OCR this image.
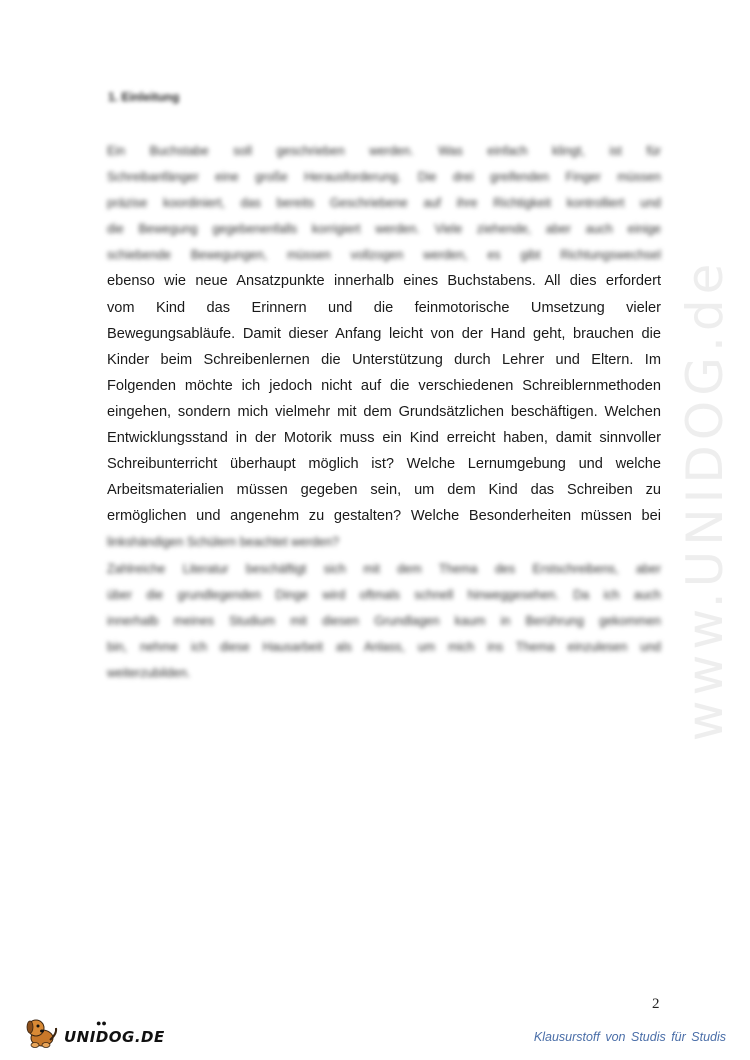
www.UNIDOG.de
1. Einleitung
Ein Buchstabe soll geschrieben werden. Was einfach klingt, ist für
Schreibanfänger eine große Herausforderung. Die drei greifenden Finger müssen
präzise koordiniert, das bereits Geschriebene auf ihre Richtigkeit kontrolliert und
die Bewegung gegebenenfalls korrigiert werden. Viele ziehende, aber auch einige
schiebende Bewegungen, müssen vollzogen werden, es gibt Richtungswechsel
ebenso wie neue Ansatzpunkte innerhalb eines Buchstabens. All dies erfordert
vom Kind das Erinnern und die feinmotorische Umsetzung vieler
Bewegungsabläufe. Damit dieser Anfang leicht von der Hand geht, brauchen die
Kinder beim Schreibenlernen die Unterstützung durch Lehrer und Eltern. Im
Folgenden möchte ich jedoch nicht auf die verschiedenen Schreiblernmethoden
eingehen, sondern mich vielmehr mit dem Grundsätzlichen beschäftigen. Welchen
Entwicklungsstand in der Motorik muss ein Kind erreicht haben, damit sinnvoller
Schreibunterricht überhaupt möglich ist? Welche Lernumgebung und welche
Arbeitsmaterialien müssen gegeben sein, um dem Kind das Schreiben zu
ermöglichen und angenehm zu gestalten? Welche Besonderheiten müssen bei
linkshändigen Schülern beachtet werden?
Zahlreiche Literatur beschäftigt sich mit dem Thema des Erstschreibens, aber
über die grundlegenden Dinge wird oftmals schnell hinweggesehen. Da ich auch
innerhalb meines Studium mit diesen Grundlagen kaum in Berührung gekommen
bin, nehme ich diese Hausarbeit als Anlass, um mich ins Thema einzulesen und
weiterzubilden.
2
●●
UNIDOG.DE	Klausurstoff von Studis für Studis
